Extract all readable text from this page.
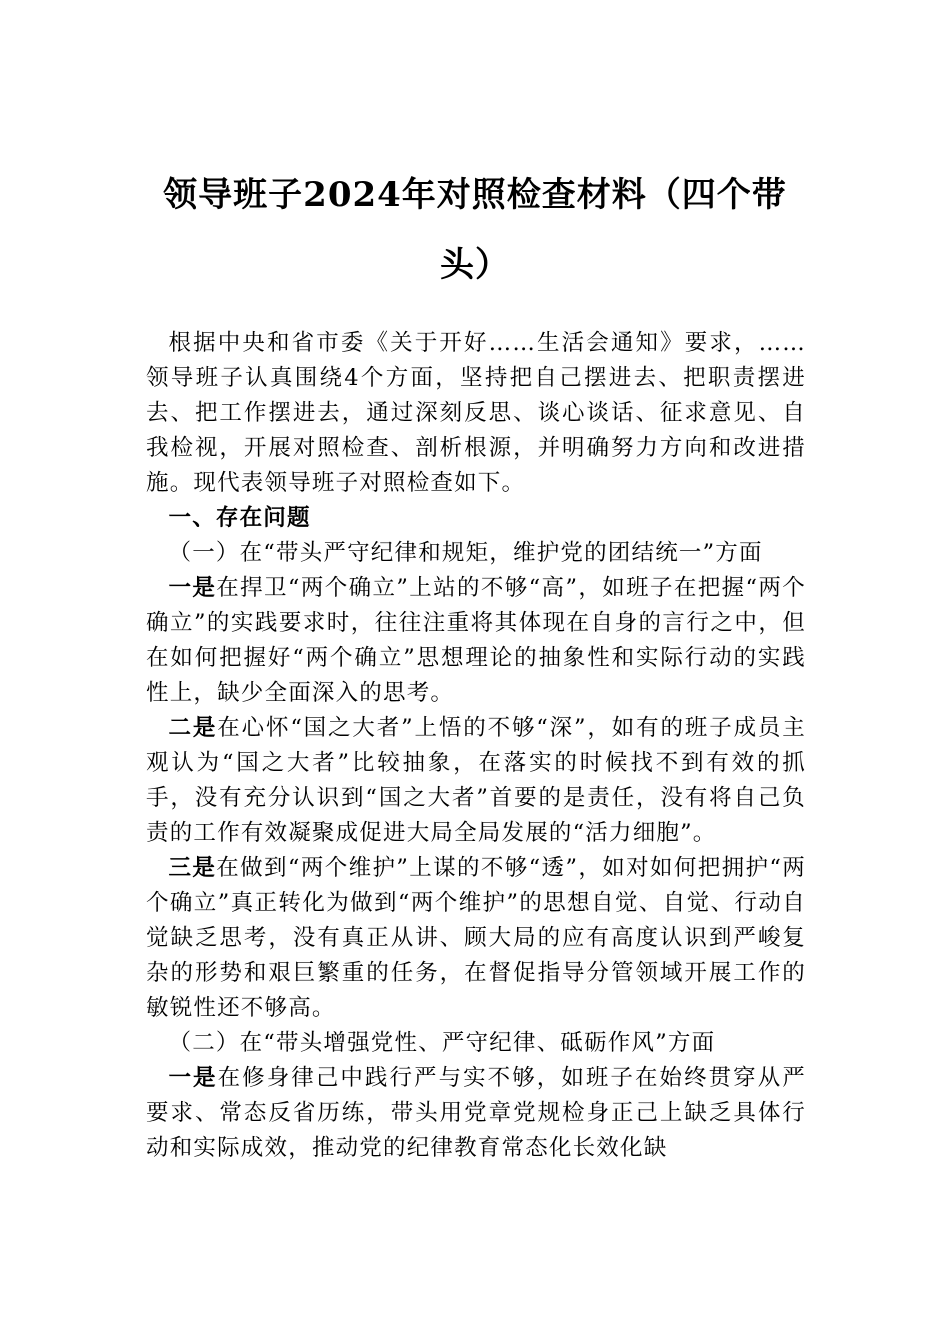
领导班子2024年对照检查材料（四个带
头）

根据中央和省市委《关于开好……生活会通知》要求，……领导班子认真围绕4个方面，坚持把自己摆进去、把职责摆进去、把工作摆进去，通过深刻反思、谈心谈话、征求意见、自我检视，开展对照检查、剖析根源，并明确努力方向和改进措施。现代表领导班子对照检查如下。

一、存在问题

（一）在“带头严守纪律和规矩，维护党的团结统一”方面

一是在捍卫“两个确立”上站的不够“高”，如班子在把握“两个确立”的实践要求时，往往注重将其体现在自身的言行之中，但在如何把握好“两个确立”思想理论的抽象性和实际行动的实践性上，缺少全面深入的思考。

二是在心怀“国之大者”上悟的不够“深”，如有的班子成员主观认为“国之大者”比较抽象，在落实的时候找不到有效的抓手，没有充分认识到“国之大者”首要的是责任，没有将自己负责的工作有效凝聚成促进大局全局发展的“活力细胞”。

三是在做到“两个维护”上谋的不够“透”，如对如何把拥护“两个确立”真正转化为做到“两个维护”的思想自觉、自觉、行动自觉缺乏思考，没有真正从讲、顾大局的应有高度认识到严峻复杂的形势和艰巨繁重的任务，在督促指导分管领域开展工作的敏锐性还不够高。

（二）在“带头增强党性、严守纪律、砥砺作风”方面

一是在修身律己中践行严与实不够，如班子在始终贯穿从严要求、常态反省历练，带头用党章党规检身正己上缺乏具体行动和实际成效，推动党的纪律教育常态化长效化缺
